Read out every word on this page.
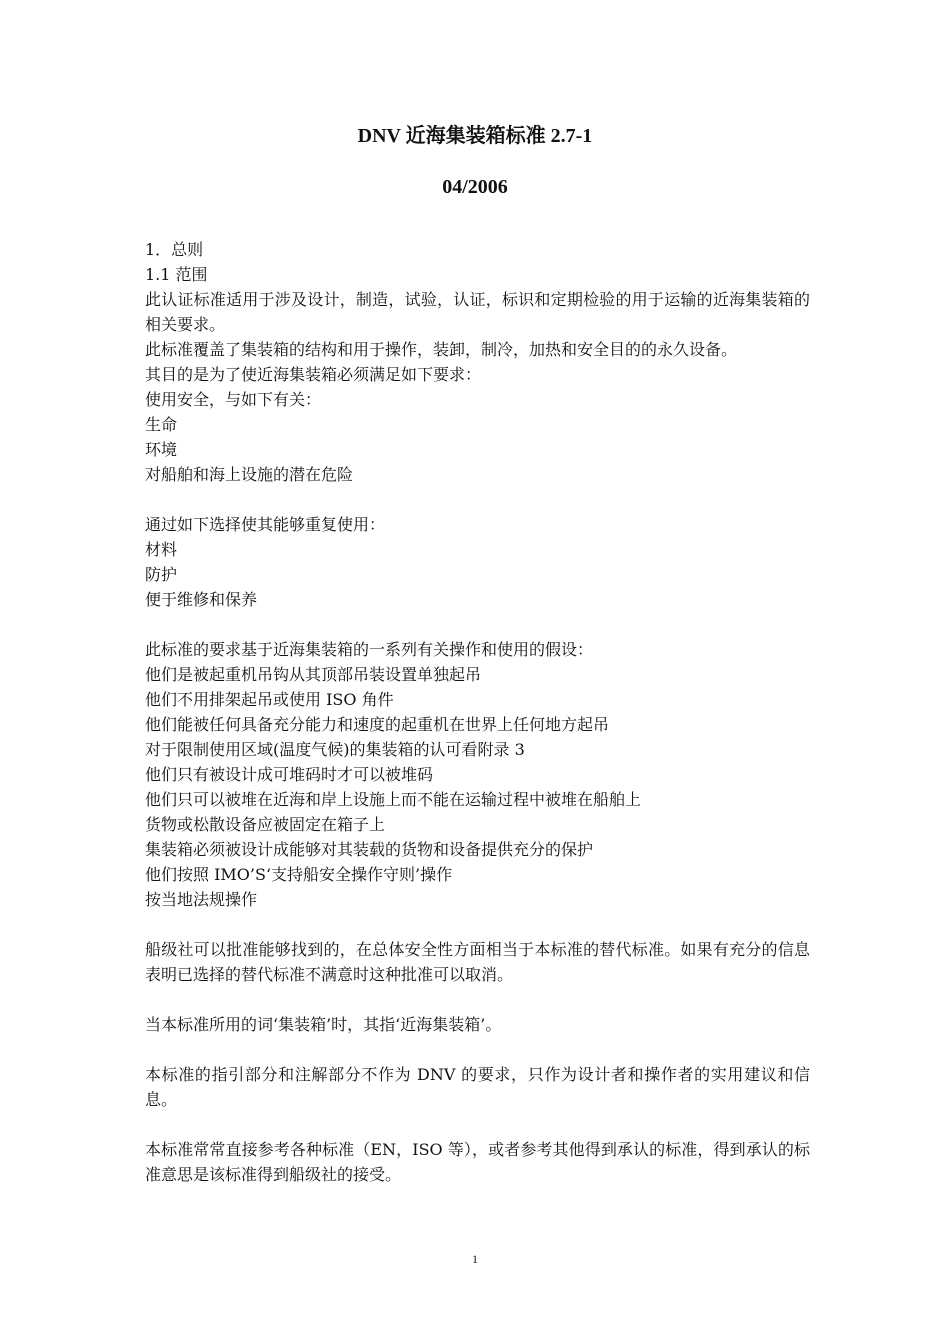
DNV 近海集装箱标准 2.7-1
04/2006
1．总则
1.1 范围
此认证标准适用于涉及设计，制造，试验，认证，标识和定期检验的用于运输的近海集装箱的相关要求。
此标准覆盖了集装箱的结构和用于操作，装卸，制冷，加热和安全目的的永久设备。
其目的是为了使近海集装箱必须满足如下要求：
使用安全，与如下有关：
生命
环境
对船舶和海上设施的潜在危险
通过如下选择使其能够重复使用：
材料
防护
便于维修和保养
此标准的要求基于近海集装箱的一系列有关操作和使用的假设：
他们是被起重机吊钩从其顶部吊装设置单独起吊
他们不用排架起吊或使用 ISO 角件
他们能被任何具备充分能力和速度的起重机在世界上任何地方起吊
对于限制使用区域(温度气候)的集装箱的认可看附录 3
他们只有被设计成可堆码时才可以被堆码
他们只可以被堆在近海和岸上设施上而不能在运输过程中被堆在船舶上
货物或松散设备应被固定在箱子上
集装箱必须被设计成能够对其装载的货物和设备提供充分的保护
他们按照 IMO’S‘支持船安全操作守则’操作
按当地法规操作
船级社可以批准能够找到的，在总体安全性方面相当于本标准的替代标准。如果有充分的信息表明已选择的替代标准不满意时这种批准可以取消。
当本标准所用的词‘集装箱’时，其指‘近海集装箱’。
本标准的指引部分和注解部分不作为 DNV 的要求，只作为设计者和操作者的实用建议和信息。
本标准常常直接参考各种标准（EN，ISO 等），或者参考其他得到承认的标准，得到承认的标准意思是该标准得到船级社的接受。
1
